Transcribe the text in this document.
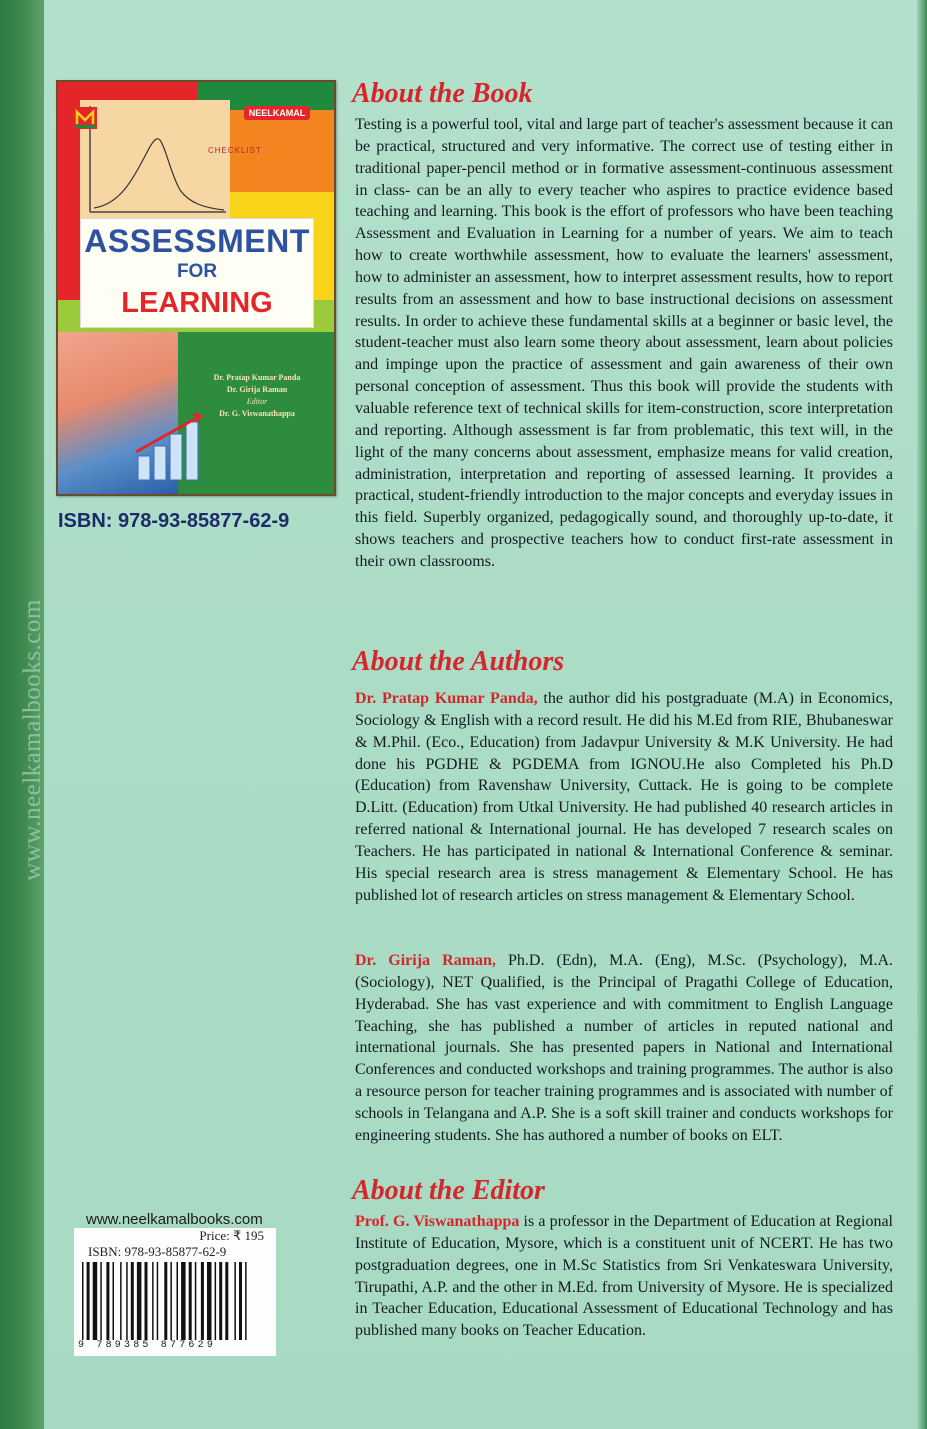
www.neelkamalbooks.com
NEELKAMAL
CHECKLIST
ASSESSMENT
FOR
LEARNING
Dr. Pratap Kumar Panda
Dr. Girija Raman
Editor
Dr. G. Viswanathappa
ISBN: 978-93-85877-62-9
www.neelkamalbooks.com
Price: ₹ 195
ISBN: 978-93-85877-62-9
9 789385 877629
About the Book

Testing is a powerful tool, vital and large part of teacher's assessment because it can be practical, structured and very informative. The correct use of testing either in traditional paper-pencil method or in formative assessment-continuous assessment in class- can be an ally to every teacher who aspires to practice evidence based teaching and learning. This book is the effort of professors who have been teaching Assessment and Evaluation in Learning for a number of years. We aim to teach how to create worthwhile assessment, how to evaluate the learners' assessment, how to administer an assessment, how to interpret assessment results, how to report results from an assessment and how to base instructional decisions on assessment results. In order to achieve these fundamental skills at a beginner or basic level, the student-teacher must also learn some theory about assessment, learn about policies and impinge upon the practice of assessment and gain awareness of their own personal conception of assessment. Thus this book will provide the students with valuable reference text of technical skills for item-construction, score interpretation and reporting. Although assessment is far from problematic, this text will, in the light of the many concerns about assessment, emphasize means for valid creation, administration, interpretation and reporting of assessed learning. It provides a practical, student-friendly introduction to the major concepts and everyday issues in this field. Superbly organized, pedagogically sound, and thoroughly up-to-date, it shows teachers and prospective teachers how to conduct first-rate assessment in their own classrooms.

About the Authors

Dr. Pratap Kumar Panda, the author did his postgraduate (M.A) in Economics, Sociology & English with a record result. He did his M.Ed from RIE, Bhubaneswar & M.Phil. (Eco., Education) from Jadavpur University & M.K University. He had done his PGDHE & PGDEMA from IGNOU.He also Completed his Ph.D (Education) from Ravenshaw University, Cuttack. He is going to be complete D.Litt. (Education) from Utkal University. He had published 40 research articles in referred national & International journal. He has developed 7 research scales on Teachers. He has participated in national & International Conference & seminar. His special research area is stress management & Elementary School. He has published lot of research articles on stress management & Elementary School.

Dr. Girija Raman, Ph.D. (Edn), M.A. (Eng), M.Sc. (Psychology), M.A. (Sociology), NET Qualified, is the Principal of Pragathi College of Education, Hyderabad. She has vast experience and with commitment to English Language Teaching, she has published a number of articles in reputed national and international journals. She has presented papers in National and International Conferences and conducted workshops and training programmes. The author is also a resource person for teacher training programmes and is associated with number of schools in Telangana and A.P. She is a soft skill trainer and conducts workshops for engineering students. She has authored a number of books on ELT.

About the Editor

Prof. G. Viswanathappa is a professor in the Department of Education at Regional Institute of Education, Mysore, which is a constituent unit of NCERT. He has two postgraduation degrees, one in M.Sc Statistics from Sri Venkateswara University, Tirupathi, A.P. and the other in M.Ed. from University of Mysore. He is specialized in Teacher Education, Educational Assessment of Educational Technology and has published many books on Teacher Education.
